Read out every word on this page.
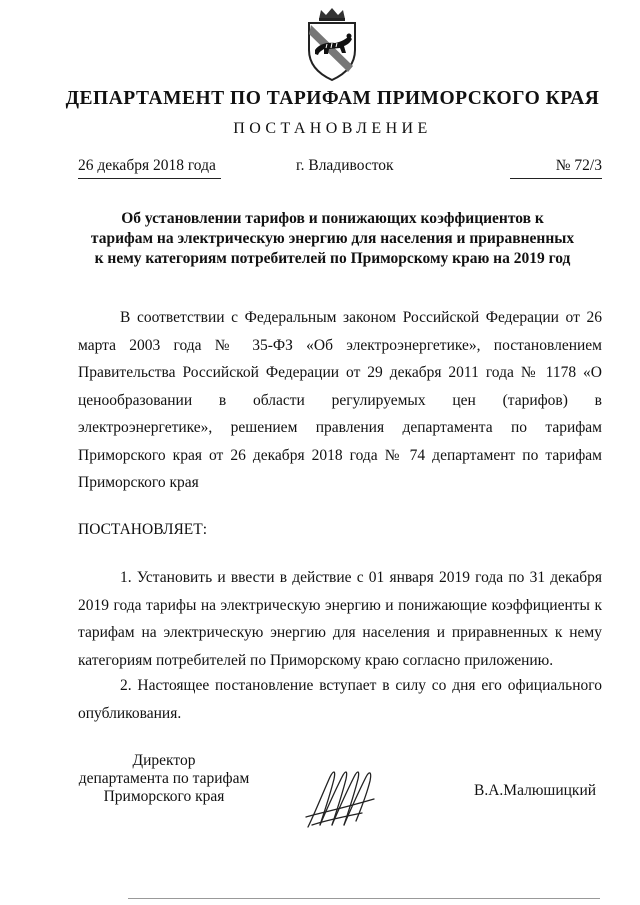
ДЕПАРТАМЕНТ ПО ТАРИФАМ ПРИМОРСКОГО КРАЯ
ПОСТАНОВЛЕНИЕ
26 декабря 2018 года	г. Владивосток	№ 72/3
Об установлении тарифов и понижающих коэффициентов к тарифам на электрическую энергию для населения и приравненных к нему категориям потребителей по Приморскому краю на 2019 год
В соответствии с Федеральным законом Российской Федерации от 26 марта 2003 года № 35-ФЗ «Об электроэнергетике», постановлением Правительства Российской Федерации от 29 декабря 2011 года № 1178 «О ценообразовании в области регулируемых цен (тарифов) в электроэнергетике», решением правления департамента по тарифам Приморского края от 26 декабря 2018 года № 74 департамент по тарифам Приморского края
ПОСТАНОВЛЯЕТ:
1. Установить и ввести в действие с 01 января 2019 года по 31 декабря 2019 года тарифы на электрическую энергию и понижающие коэффициенты к тарифам на электрическую энергию для населения и приравненных к нему категориям потребителей по Приморскому краю согласно приложению.
2. Настоящее постановление вступает в силу со дня его официального опубликования.
Директор
департамента по тарифам
Приморского края	В.А.Малюшицкий
